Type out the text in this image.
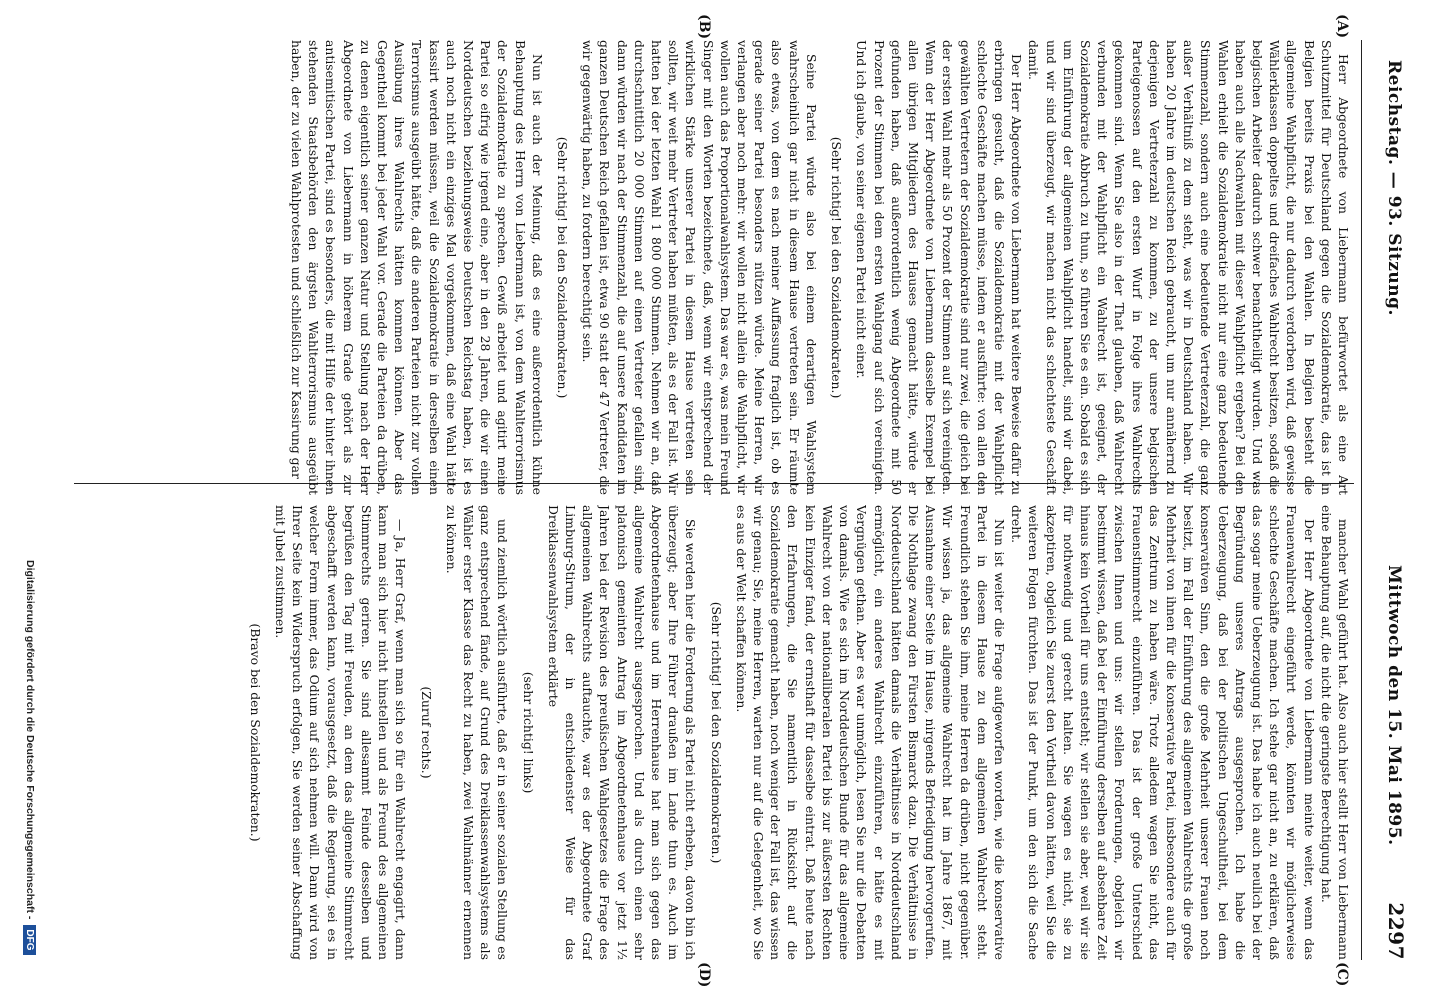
Reichstag. — 93. Sitzung.
Mittwoch den 15. Mai 1895.
2297
(A)
(B)
(C)
(D)

Herr Abgeordnete von Liebermann befürwortet als eine Art Schutzmittel für Deutschland gegen die Sozialdemokratie, das ist in Belgien bereits Praxis bei den Wahlen. In Belgien besteht die allgemeine Wahlpflicht, die nur dadurch verdorben wird, daß gewisse Wählerklassen doppeltes und dreifaches Wahlrecht besitzen, sodaß die belgischen Arbeiter dadurch schwer benachtheiligt wurden. Und was haben auch alle Nachwahlen mit dieser Wahlpflicht ergeben? Bei den Wahlen erhielt die Sozialdemokratie nicht nur eine ganz bedeutende Stimmenzahl, sondern auch eine bedeutende Vertreterzahl, die ganz außer Verhältniß zu dem steht, was wir in Deutschland haben. Wir haben 20 Jahre im deutschen Reich gebraucht, um nur annähernd zu derjenigen Vertreterzahl zu kommen, zu der unsere belgischen Parteigenossen auf den ersten Wurf in Folge ihres Wahlrechts gekommen sind. Wenn Sie also in der That glauben, daß Wahlrecht verbunden mit der Wahlpflicht ein Wahlrecht ist, geeignet, der Sozialdemokratie Abbruch zu thun, so führen Sie es ein. Sobald es sich um Einführung der allgemeinen Wahlpflicht handelt, sind wir dabei, und wir sind überzeugt, wir machen nicht das schlechteste Geschäft damit.

Der Herr Abgeordnete von Liebermann hat weitere Beweise dafür zu erbringen gesucht, daß die Sozialdemokratie mit der Wahlpflicht schlechte Geschäfte machen müsse, indem er ausführte: von allen den gewählten Vertretern der Sozialdemokratie sind nur zwei, die gleich bei der ersten Wahl mehr als 50 Prozent der Stimmen auf sich vereinigten. Wenn der Herr Abgeordnete von Liebermann dasselbe Exempel bei allen übrigen Mitgliedern des Hauses gemacht hätte, würde er gefunden haben, daß außerordentlich wenig Abgeordnete mit 50 Prozent der Stimmen bei dem ersten Wahlgang auf sich vereinigten. Und ich glaube, von seiner eigenen Partei nicht einer.

(Sehr richtig! bei den Sozialdemokraten.)

Seine Partei würde also bei einem derartigen Wahlsystem wahrscheinlich gar nicht in diesem Hause vertreten sein. Er räumte also etwas, von dem es nach meiner Auffassung fraglich ist, ob es gerade seiner Partei besonders nützen würde. Meine Herren, wir verlangen aber noch mehr: wir wollen nicht allein die Wahlpflicht, wir wollen auch das Proportionalwahlsystem. Das war es, was mein Freund Singer mit den Worten bezeichnete, daß, wenn wir entsprechend der wirklichen Stärke unserer Partei in diesem Hause vertreten sein sollten, wir weit mehr Vertreter haben müßten, als es der Fall ist. Wir hatten bei der letzten Wahl 1 800 000 Stimmen. Nehmen wir an, daß durchschnittlich 20 000 Stimmen auf einen Vertreter gefallen sind, dann würden wir nach der Stimmenzahl, die auf unsere Kandidaten im ganzen Deutschen Reich gefallen ist, etwa 90 statt der 47 Vertreter, die wir gegenwärtig haben, zu fordern berechtigt sein.

(Sehr richtig! bei den Sozialdemokraten.)

Nun ist auch der Meinung, daß es eine außerordentlich kühne Behauptung des Herrn von Liebermann ist, von dem Wahlterrorismus der Sozialdemokratie zu sprechen. Gewiß arbeitet und agitirt meine Partei so eifrig wie irgend eine, aber in den 28 Jahren, die wir einen Norddeutschen beziehungsweise Deutschen Reichstag haben, ist es auch noch nicht ein einziges Mal vorgekommen, daß eine Wahl hätte kassirt werden müssen, weil die Sozialdemokratie in derselben einen Terrorismus ausgeübt hätte, daß die anderen Parteien nicht zur vollen Ausübung ihres Wahlrechts hätten kommen können. Aber das Gegentheil kommt bei jeder Wahl vor. Gerade die Parteien da drüben, zu denen eigentlich seiner ganzen Natur und Stellung nach der Herr Abgeordnete von Liebermann in höherem Grade gehört als zur antisemitischen Partei, sind es besonders, die mit Hilfe der hinter ihnen stehenden Staatsbehörden den ärgsten Wahlterrorismus ausgeübt haben, der zu vielen Wahlprotesten und schließlich zur Kassirung gar

mancher Wahl geführt hat. Also auch hier stellt Herr von Liebermann eine Behauptung auf, die nicht die geringste Berechtigung hat.

Der Herr Abgeordnete von Liebermann meinte weiter, wenn das Frauenwahlrecht eingeführt werde, könnten wir möglicherweise schlechte Geschäfte machen. Ich stehe gar nicht an, zu erklären, daß das sogar meine Ueberzeugung ist. Das habe ich auch neulich bei der Begründung unseres Antrags ausgesprochen. Ich habe die Ueberzeugung, daß bei der politischen Ungeschultheit, bei dem konservativen Sinn, den die große Mehrheit unserer Frauen noch besitzt, im Fall der Einführung des allgemeinen Wahlrechts die große Mehrheit von ihnen für die konservative Partei, insbesondere auch für das Zentrum zu haben wäre. Trotz alledem wagen Sie nicht, das Frauenstimmrecht einzuführen. Das ist der große Unterschied zwischen Ihnen und uns: wir stellen Forderungen, obgleich wir bestimmt wissen, daß bei der Einführung derselben auf absehbare Zeit hinaus kein Vortheil für uns entsteht; wir stellen sie aber, weil wir sie für nothwendig und gerecht halten. Sie wagen es nicht, sie zu akzeptiren, obgleich Sie zuerst den Vortheil davon hätten, weil Sie die weiteren Folgen fürchten. Das ist der Punkt, um den sich die Sache dreht.

Nun ist weiter die Frage aufgeworfen worden, wie die konservative Partei in diesem Hause zu dem allgemeinen Wahlrecht steht. Freundlich stehen Sie ihm, meine Herren da drüben, nicht gegenüber. Wir wissen ja, das allgemeine Wahlrecht hat im Jahre 1867, mit Ausnahme einer Seite im Hause, nirgends Befriedigung hervorgerufen. Die Nothlage zwang den Fürsten Bismarck dazu. Die Verhältnisse in Norddeutschland hätten damals die Verhältnisse in Norddeutschland ermöglicht, ein anderes Wahlrecht einzuführen, er hätte es mit Vergnügen gethan. Aber es war unmöglich, lesen Sie nur die Debatten von damals. Wie es sich im Norddeutschen Bunde für das allgemeine Wahlrecht von der nationalliberalen Partei bis zur äußersten Rechten kein Einziger fand, der ernsthaft für dasselbe eintrat. Daß heute nach den Erfahrungen, die Sie namentlich in Rücksicht auf die Sozialdemokratie gemacht haben, noch weniger der Fall ist, das wissen wir genau; Sie, meine Herren, warten nur auf die Gelegenheit, wo Sie es aus der Welt schaffen können.

(Sehr richtig! bei den Sozialdemokraten.)

Sie werden hier die Forderung als Partei nicht erheben, davon bin ich überzeugt; aber Ihre Führer draußen im Lande thun es. Auch im Abgeordnetenhause und im Herrenhause hat man sich gegen das allgemeine Wahlrecht ausgesprochen. Und als durch einen sehr platonisch gemeinten Antrag im Abgeordnetenhause vor jetzt 1½ Jahren bei der Revision des preußischen Wahlgesetzes die Frage des allgemeinen Wahlrechts auftauchte, war es der Abgeordnete Graf Limburg-Stirum, der in entschiedenster Weise für das Dreiklassenwahlsystem erklärte

(sehr richtig! links)

und ziemlich wörtlich ausführte, daß er in seiner sozialen Stellung es ganz entsprechend fände, auf Grund des Dreiklassenwahlsystems als Wähler erster Klasse das Recht zu haben, zwei Wahlmänner ernennen zu können.

(Zuruf rechts.)

— Ja, Herr Graf, wenn man sich so für ein Wahlrecht engagirt, dann kann man sich hier nicht hinstellen und als Freund des allgemeinen Stimmrechts geriren. Sie sind allesammt Feinde desselben und begrüßen den Tag mit Freuden, an dem das allgemeine Stimmrecht abgeschafft werden kann, vorausgesetzt, daß die Regierung, sei es in welcher Form immer, das Odium auf sich nehmen will. Dann wird von Ihrer Seite kein Widerspruch erfolgen, Sie werden seiner Abschaffung mit Jubel zustimmen.

(Bravo bei den Sozialdemokraten.)

Digitalisierung gefördert durch die Deutsche Forschungsgemeinschaft -DFG
